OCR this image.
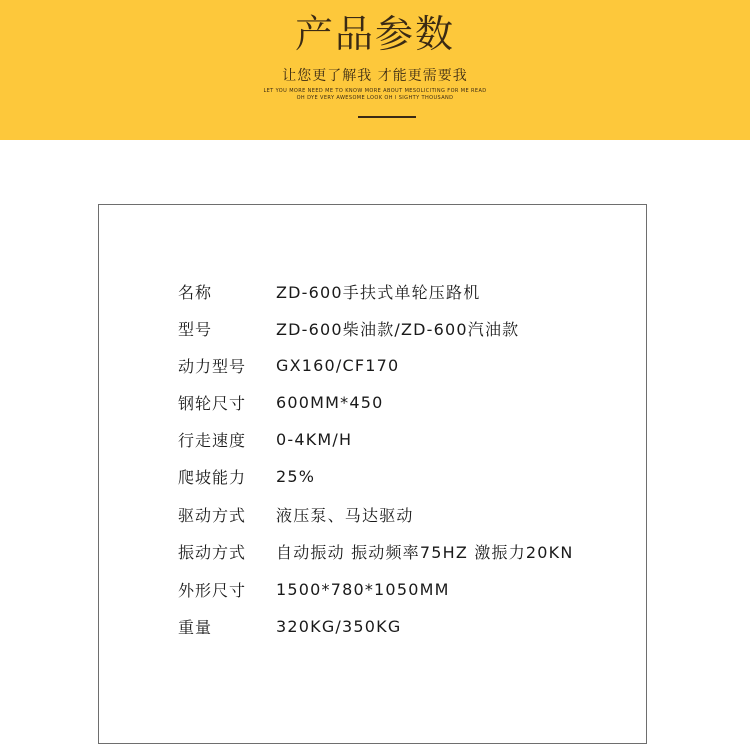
产品参数
让您更了解我 才能更需要我
LET YOU MORE NEED ME TO KNOW MORE ABOUT MESOLICITING FOR ME READ
OH DYE VERY AWESOME LOOK OH I SIGHTY THOUSAND
名称	ZD-600手扶式单轮压路机
型号	ZD-600柴油款/ZD-600汽油款
动力型号	GX160/CF170
钢轮尺寸	600MM*450
行走速度	0-4KM/H
爬坡能力	25%
驱动方式	液压泵、马达驱动
振动方式	自动振动 振动频率75HZ 激振力20KN
外形尺寸	1500*780*1050MM
重量	320KG/350KG
